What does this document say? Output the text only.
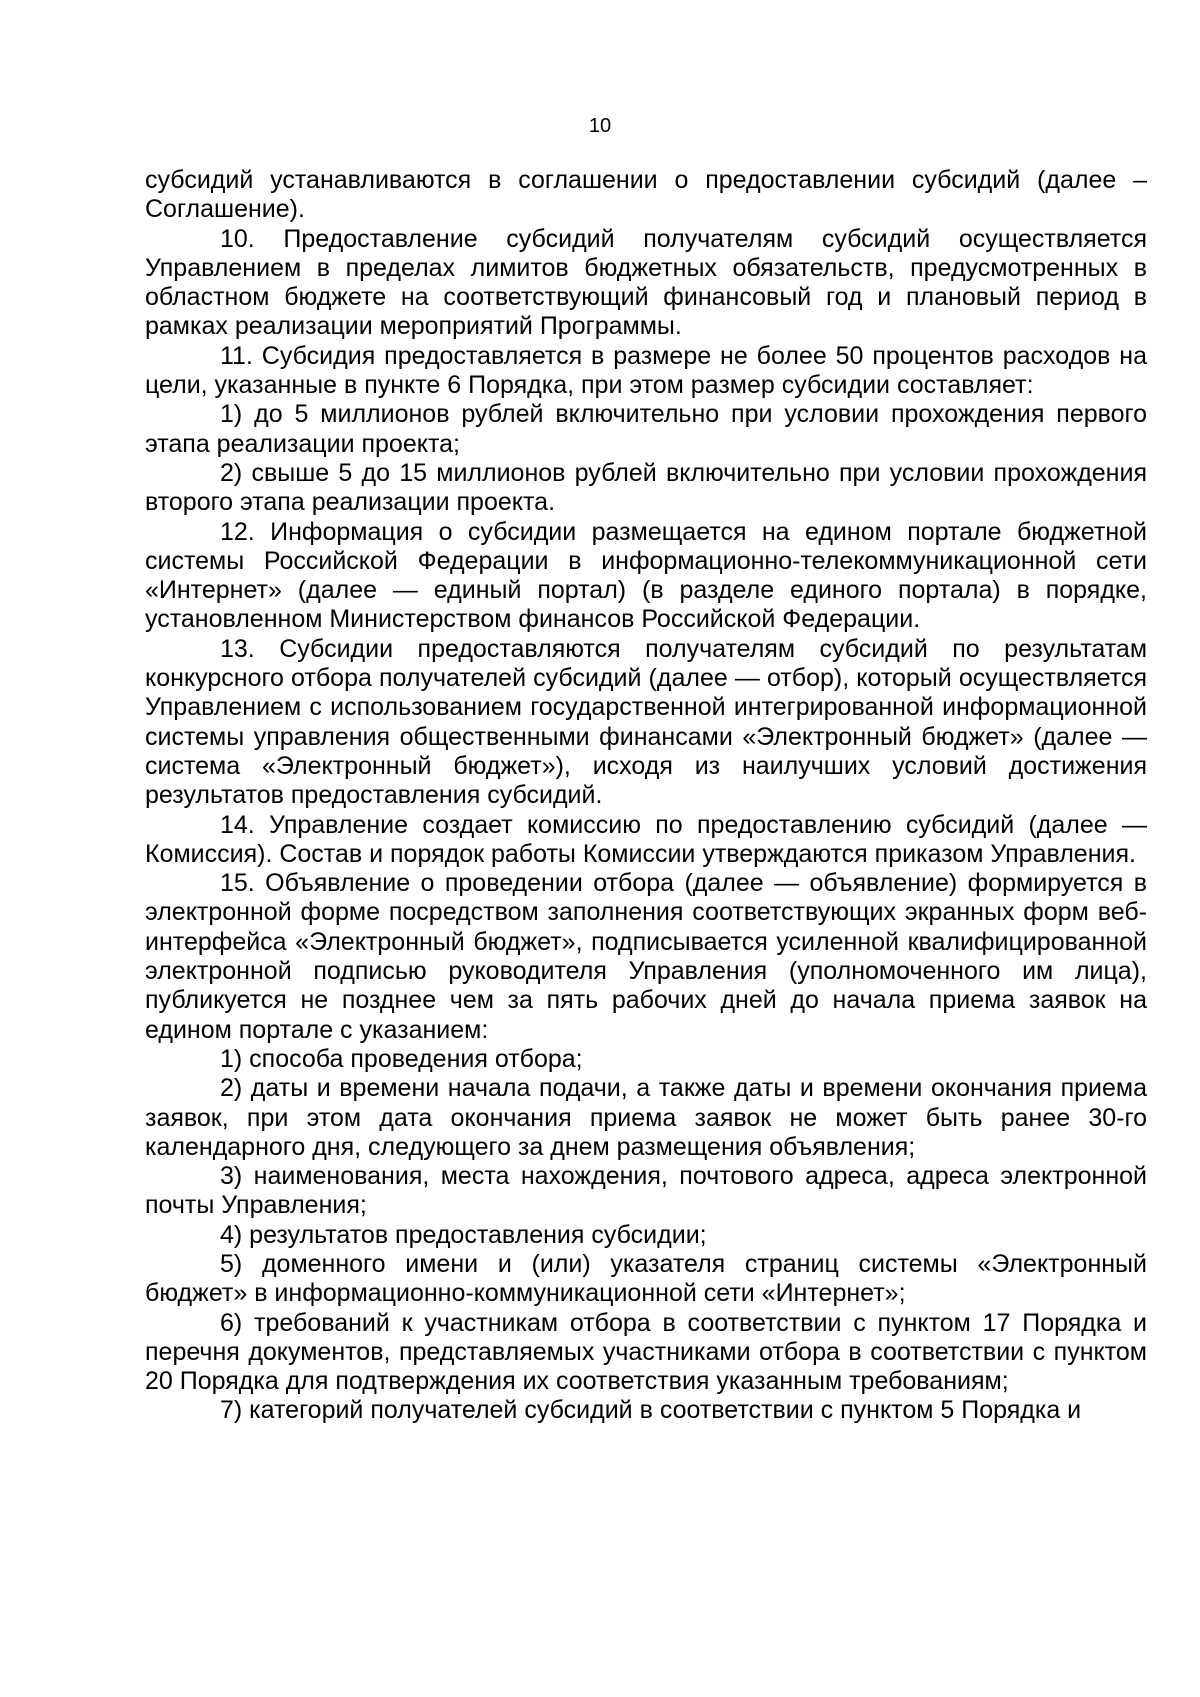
10

субсидий устанавливаются в соглашении о предоставлении субсидий (далее – Соглашение).

10. Предоставление субсидий получателям субсидий осуществляется Управлением в пределах лимитов бюджетных обязательств, предусмотренных в областном бюджете на соответствующий финансовый год и плановый период в рамках реализации мероприятий Программы.

11. Субсидия предоставляется в размере не более 50 процентов расходов на цели, указанные в пункте 6 Порядка, при этом размер субсидии составляет:

1) до 5 миллионов рублей включительно при условии прохождения первого этапа реализации проекта;

2) свыше 5 до 15 миллионов рублей включительно при условии прохождения второго этапа реализации проекта.

12. Информация о субсидии размещается на едином портале бюджетной системы Российской Федерации в информационно-телекоммуникационной сети «Интернет» (далее — единый портал) (в разделе единого портала) в порядке, установленном Министерством финансов Российской Федерации.

13. Субсидии предоставляются получателям субсидий по результатам конкурсного отбора получателей субсидий (далее — отбор), который осуществляется Управлением с использованием государственной интегрированной информационной системы управления общественными финансами «Электронный бюджет» (далее — система «Электронный бюджет»), исходя из наилучших условий достижения результатов предоставления субсидий.

14. Управление создает комиссию по предоставлению субсидий (далее — Комиссия). Состав и порядок работы Комиссии утверждаются приказом Управления.

15. Объявление о проведении отбора (далее — объявление) формируется в электронной форме посредством заполнения соответствующих экранных форм веб-интерфейса «Электронный бюджет», подписывается усиленной квалифицированной электронной подписью руководителя Управления (уполномоченного им лица), публикуется не позднее чем за пять рабочих дней до начала приема заявок на едином портале с указанием:

1) способа проведения отбора;

2) даты и времени начала подачи, а также даты и времени окончания приема заявок, при этом дата окончания приема заявок не может быть ранее 30-го календарного дня, следующего за днем размещения объявления;

3) наименования, места нахождения, почтового адреса, адреса электронной почты Управления;

4) результатов предоставления субсидии;

5) доменного имени и (или) указателя страниц системы «Электронный бюджет» в информационно-коммуникационной сети «Интернет»;

6) требований к участникам отбора в соответствии с пунктом 17 Порядка и перечня документов, представляемых участниками отбора в соответствии с пунктом 20 Порядка для подтверждения их соответствия указанным требованиям;

7) категорий получателей субсидий в соответствии с пунктом 5 Порядка и
